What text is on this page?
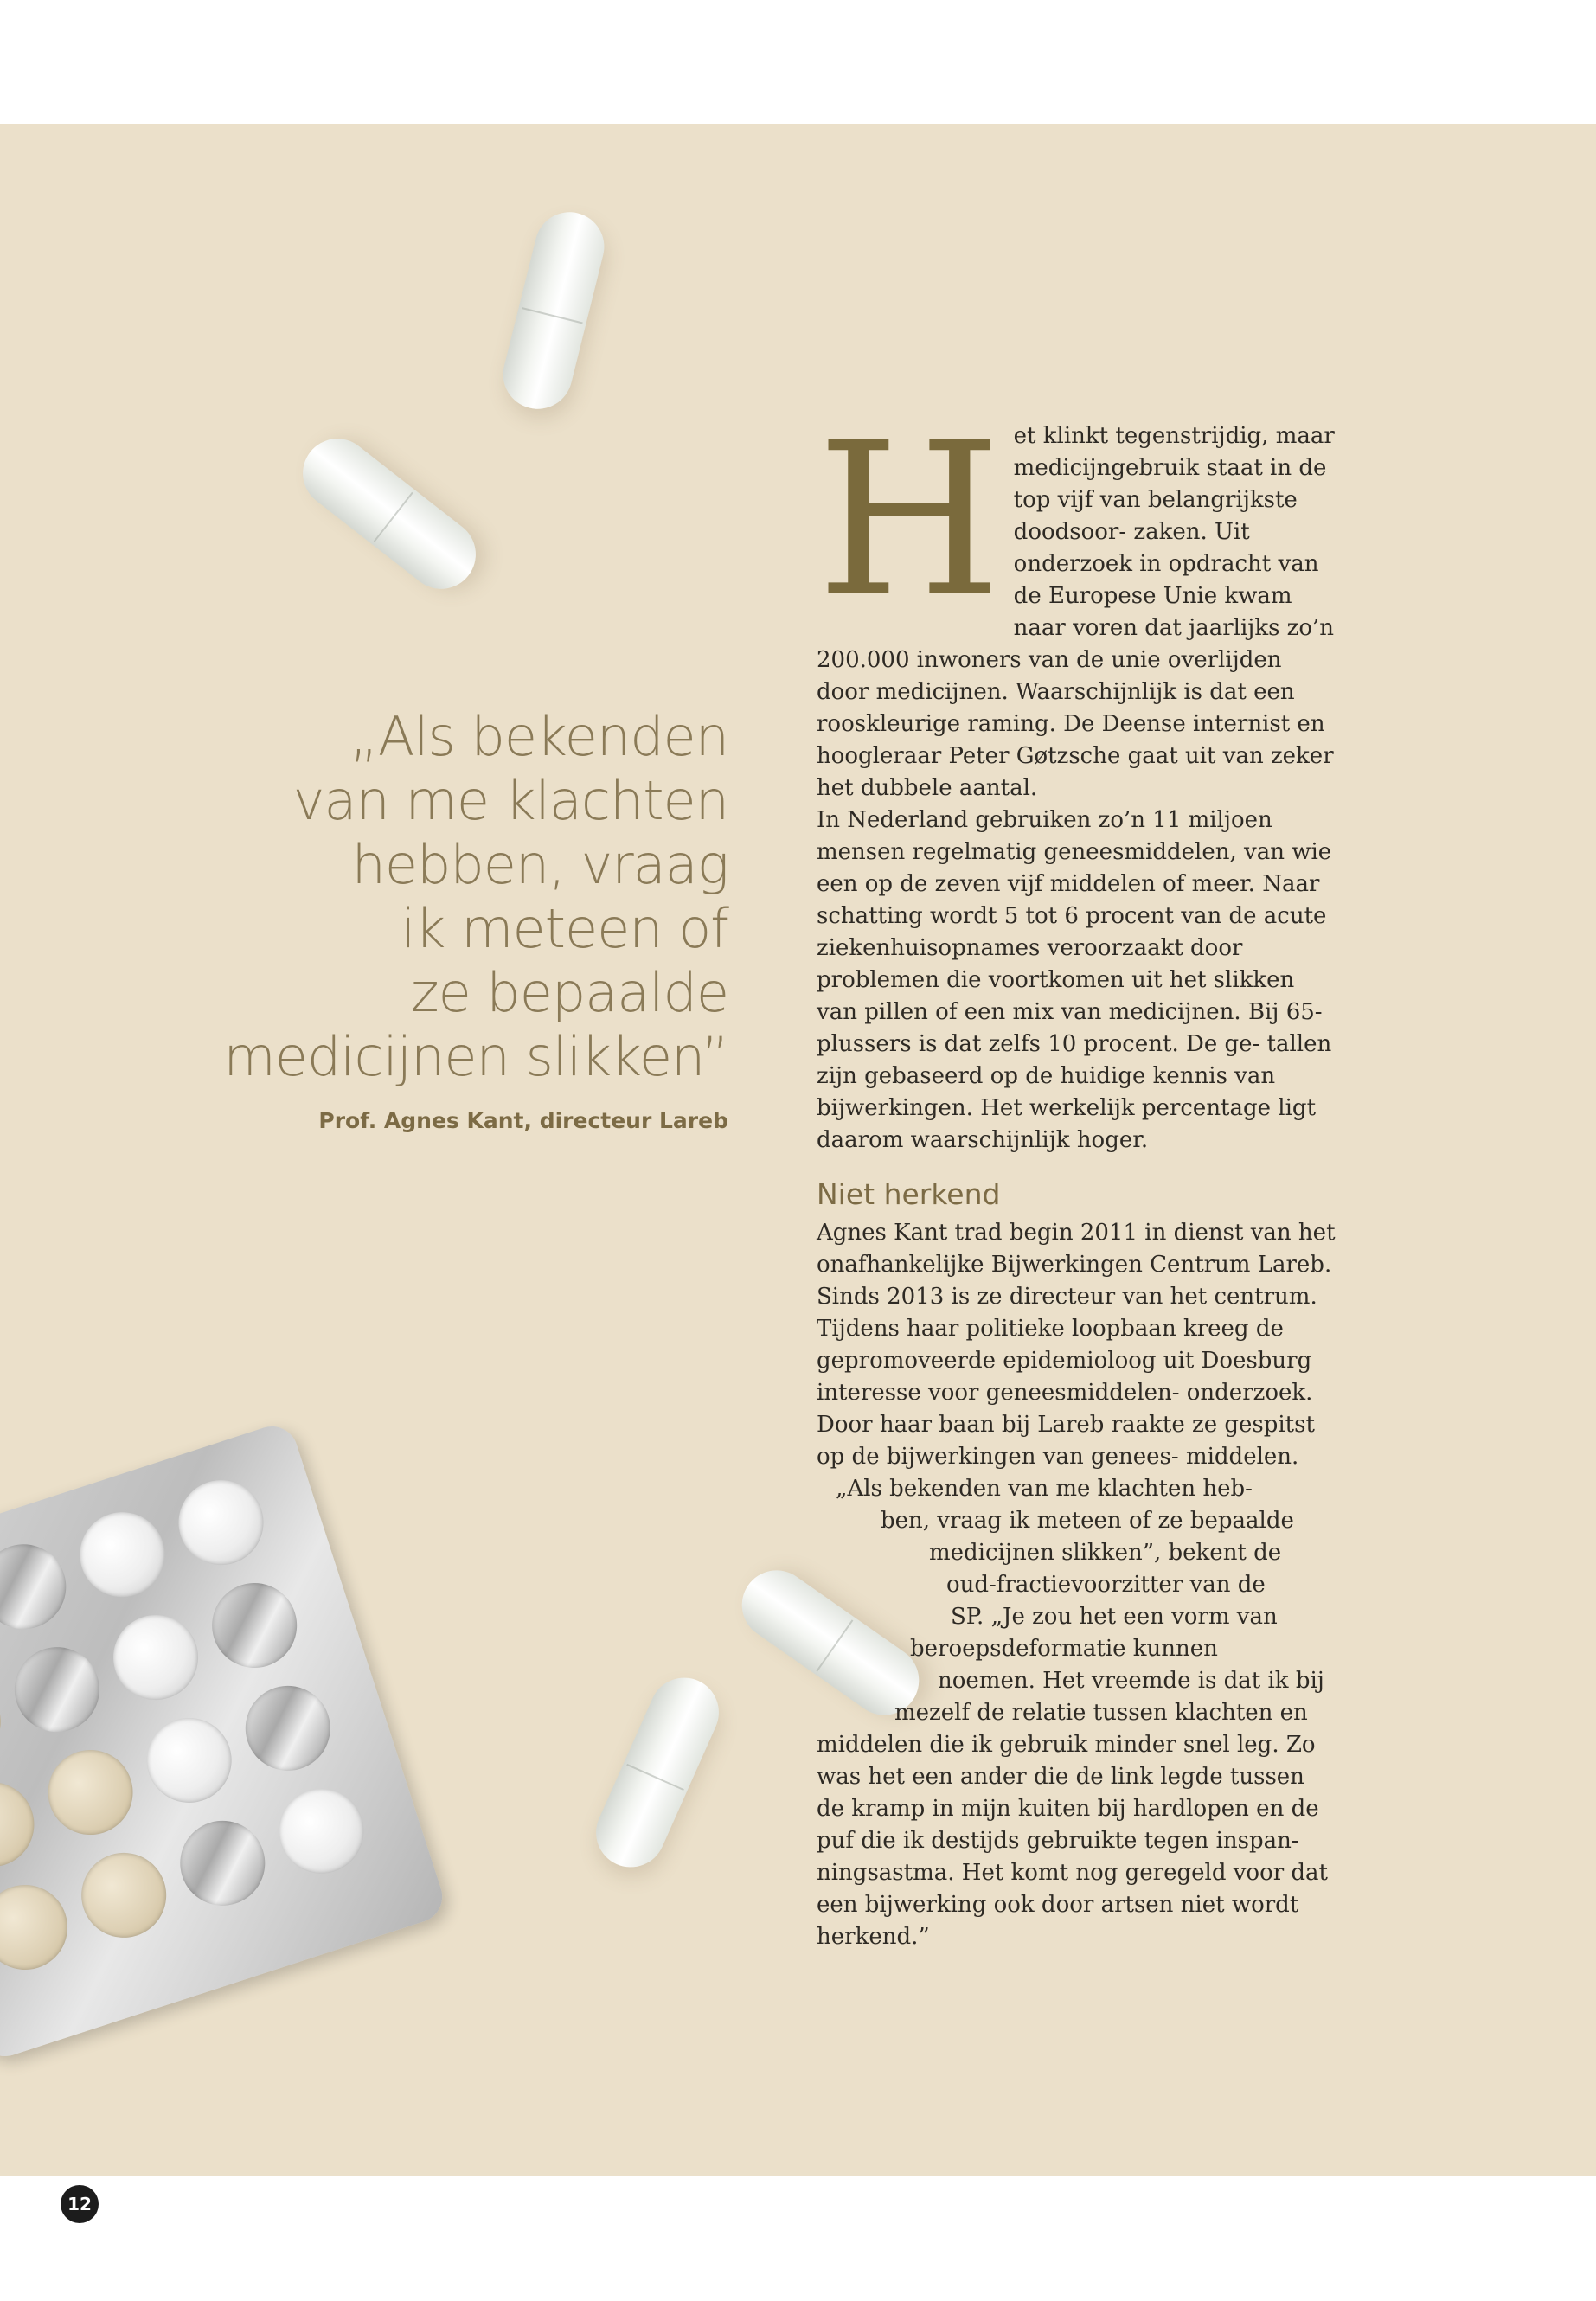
„Als bekenden
van me klachten
hebben, vraag
ik meteen of
ze bepaalde
medicijnen slikken”

Prof. Agnes Kant, directeur Lareb
H et klinkt tegenstrijdig, maar medicijngebruik staat in de top vijf van belangrijkste doodsoor- zaken. Uit onderzoek in opdracht van de Europese Unie kwam naar voren dat jaarlijks zo’n 200.000 inwoners van de unie overlijden door medicijnen. Waarschijnlijk is dat een rooskleurige raming. De Deense internist en hoogleraar Peter Gøtzsche gaat uit van zeker het dubbele aantal.

In Nederland gebruiken zo’n 11 miljoen mensen regelmatig geneesmiddelen, van wie een op de zeven vijf middelen of meer. Naar schatting wordt 5 tot 6 procent van de acute ziekenhuisopnames veroorzaakt door problemen die voortkomen uit het slikken van pillen of een mix van medicijnen. Bij 65-plussers is dat zelfs 10 procent. De ge- tallen zijn gebaseerd op de huidige kennis van bijwerkingen. Het werkelijk percentage ligt daarom waarschijnlijk hoger.

Niet herkend

Agnes Kant trad begin 2011 in dienst van het onafhankelijke Bijwerkingen Centrum Lareb. Sinds 2013 is ze directeur van het centrum. Tijdens haar politieke loopbaan kreeg de gepromoveerde epidemioloog uit Doesburg interesse voor geneesmiddelen- onderzoek. Door haar baan bij Lareb raakte ze gespitst op de bijwerkingen van genees- middelen.

„Als bekenden van me klachten heb-
ben, vraag ik meteen of ze bepaalde
medicijnen slikken”, bekent de
oud-fractievoorzitter van de
SP. „Je zou het een vorm van
beroepsdeformatie kunnen
noemen. Het vreemde is dat ik bij
mezelf de relatie tussen klachten en
middelen die ik gebruik minder snel leg. Zo was het een ander die de link legde tussen de kramp in mijn kuiten bij hardlopen en de puf die ik destijds gebruikte tegen inspan- ningsastma. Het komt nog geregeld voor dat een bijwerking ook door artsen niet wordt herkend.”

12
